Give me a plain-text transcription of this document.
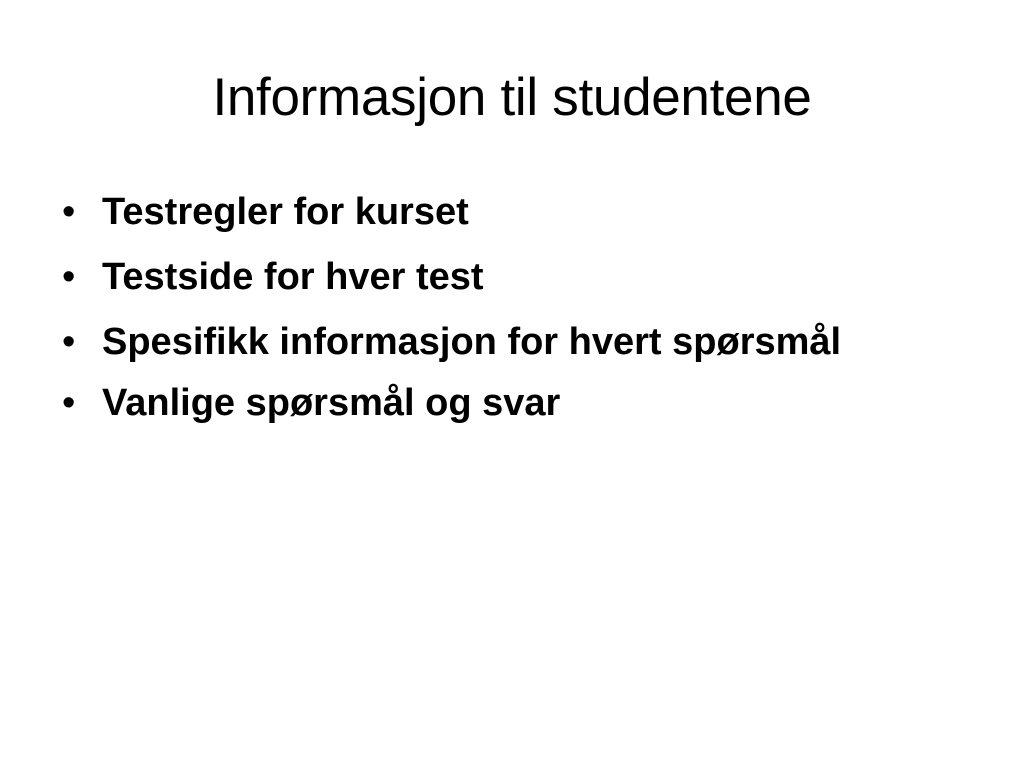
Informasjon til studentene
• Testregler for kurset
• Testside for hver test
• Spesifikk informasjon for hvert spørsmål
• Vanlige spørsmål og svar
